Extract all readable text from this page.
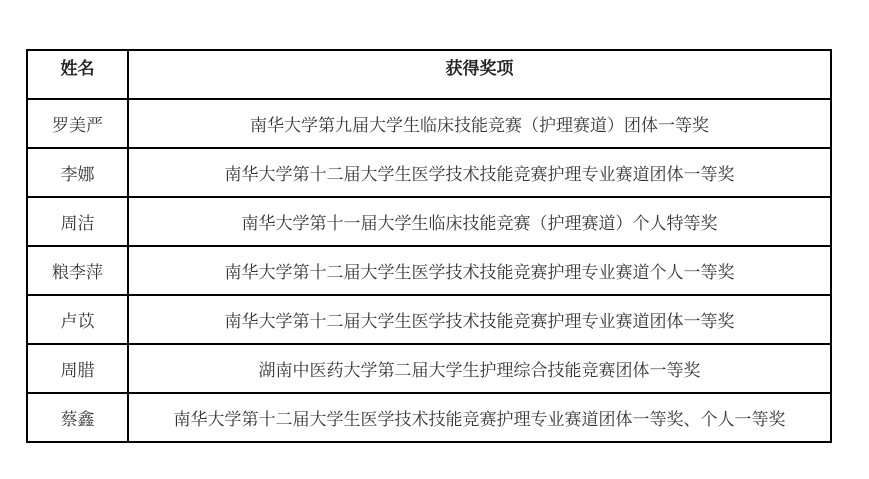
姓名	获得奖项
罗美严	南华大学第九届大学生临床技能竞赛（护理赛道）团体一等奖
李娜	南华大学第十二届大学生医学技术技能竞赛护理专业赛道团体一等奖
周洁	南华大学第十一届大学生临床技能竞赛（护理赛道）个人特等奖
粮李萍	南华大学第十二届大学生医学技术技能竞赛护理专业赛道个人一等奖
卢苡	南华大学第十二届大学生医学技术技能竞赛护理专业赛道团体一等奖
周腊	湖南中医药大学第二届大学生护理综合技能竞赛团体一等奖
蔡鑫	南华大学第十二届大学生医学技术技能竞赛护理专业赛道团体一等奖、个人一等奖
